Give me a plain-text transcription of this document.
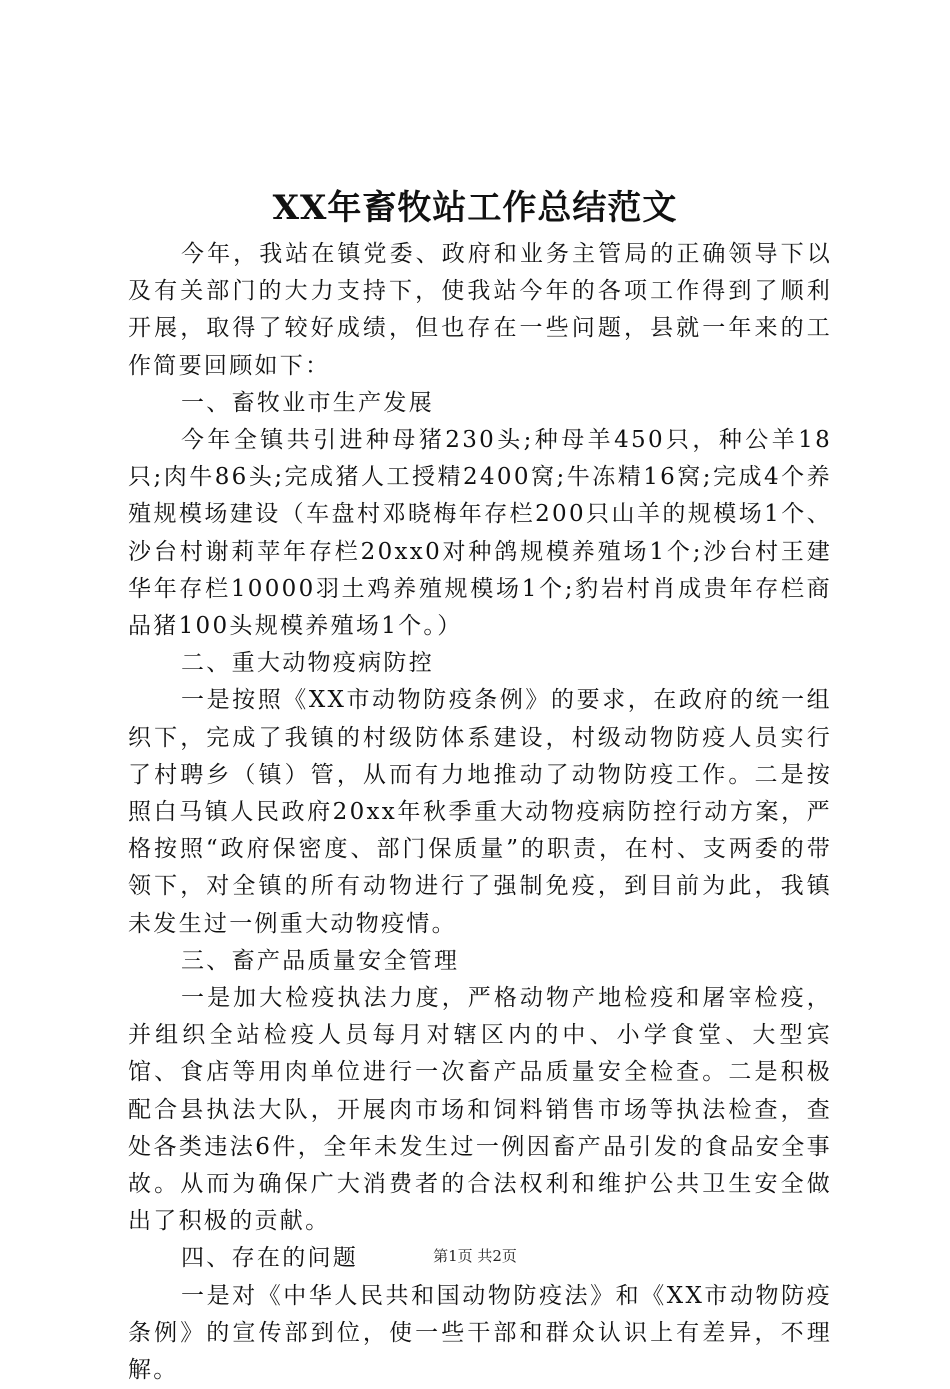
XX年畜牧站工作总结范文

今年，我站在镇党委、政府和业务主管局的正确领导下以及有关部门的大力支持下，使我站今年的各项工作得到了顺利开展，取得了较好成绩，但也存在一些问题，县就一年来的工作简要回顾如下：

一、畜牧业市生产发展

今年全镇共引进种母猪230头;种母羊450只，种公羊18只;肉牛86头;完成猪人工授精2400窝;牛冻精16窝;完成4个养殖规模场建设（车盘村邓晓梅年存栏200只山羊的规模场1个、沙台村谢莉苹年存栏20xx0对种鸽规模养殖场1个;沙台村王建华年存栏10000羽土鸡养殖规模场1个;豹岩村肖成贵年存栏商品猪100头规模养殖场1个。）

二、重大动物疫病防控

一是按照《XX市动物防疫条例》的要求，在政府的统一组织下，完成了我镇的村级防体系建设，村级动物防疫人员实行了村聘乡（镇）管，从而有力地推动了动物防疫工作。二是按照白马镇人民政府20xx年秋季重大动物疫病防控行动方案，严格按照“政府保密度、部门保质量”的职责，在村、支两委的带领下，对全镇的所有动物进行了强制免疫，到目前为此，我镇未发生过一例重大动物疫情。

三、畜产品质量安全管理

一是加大检疫执法力度，严格动物产地检疫和屠宰检疫，并组织全站检疫人员每月对辖区内的中、小学食堂、大型宾馆、食店等用肉单位进行一次畜产品质量安全检查。二是积极配合县执法大队，开展肉市场和饲料销售市场等执法检查，查处各类违法6件，全年未发生过一例因畜产品引发的食品安全事故。从而为确保广大消费者的合法权利和维护公共卫生安全做出了积极的贡献。

四、存在的问题

一是对《中华人民共和国动物防疫法》和《XX市动物防疫条例》的宣传部到位，使一些干部和群众认识上有差异，不理解。

第1页 共2页
